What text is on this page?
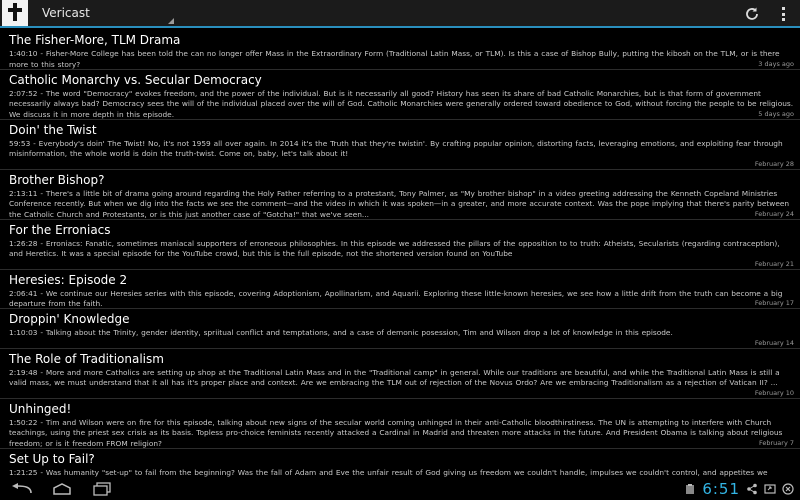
Vericast
The Fisher-More, TLM Drama
1:40:10 - Fisher-More College has been told the can no longer offer Mass in the Extraordinary Form (Traditional Latin Mass, or TLM). Is this a case of Bishop Bully, putting the kibosh on the TLM, or is there more to this story?	3 days ago
Catholic Monarchy vs. Secular Democracy
2:07:52 - The word "Democracy" evokes freedom, and the power of the individual. But is it necessarily all good? History has seen its share of bad Catholic Monarchies, but is that form of government necessarily always bad? Democracy sees the will of the individual placed over the will of God. Catholic Monarchies were generally ordered toward obedience to God, without forcing the people to be religious. We discuss it in more depth in this episode.	5 days ago
Doin' the Twist
59:53 - Everybody's doin' The Twist! No, it's not 1959 all over again. In 2014 it's the Truth that they're twistin'. By crafting popular opinion, distorting facts, leveraging emotions, and exploiting fear through misinformation, the whole world is doin the truth-twist. Come on, baby, let's talk about it!
February 28
Brother Bishop?
2:13:11 - There's a little bit of drama going around regarding the Holy Father referring to a protestant, Tony Palmer, as "My brother bishop" in a video greeting addressing the Kenneth Copeland Ministries Conference recently. But when we dig into the facts we see the comment—and the video in which it was spoken—in a greater, and more accurate context. Was the pope implying that there's parity between the Catholic Church and Protestants, or is this just another case of "Gotcha!" that we've seen...	February 24
For the Erroniacs
1:26:28 - Erroniacs: Fanatic, sometimes maniacal supporters of erroneous philosophies. In this episode we addressed the pillars of the opposition to to truth: Atheists, Secularists (regarding contraception), and Heretics. It was a special episode for the YouTube crowd, but this is the full episode, not the shortened version found on YouTube
February 21
Heresies: Episode 2
2:06:41 - We continue our Heresies series with this episode, covering Adoptionism, Apollinarism, and Aquarii. Exploring these little-known heresies, we see how a little drift from the truth can become a big departure from the faith.	February 17
Droppin' Knowledge
1:10:03 - Talking about the Trinity, gender identity, spriitual conflict and temptations, and a case of demonic posession, Tim and Wilson drop a lot of knowledge in this episode.
February 14
The Role of Traditionalism
2:19:48 - More and more Catholics are setting up shop at the Traditional Latin Mass and in the "Traditional camp" in general. While our traditions are beautiful, and while the Traditional Latin Mass is still a valid mass, we must understand that it all has it's proper place and context. Are we embracing the TLM out of rejection of the Novus Ordo? Are we embracing Traditionalism as a rejection of Vatican II? ...
February 10
Unhinged!
1:50:22 - Tim and Wilson were on fire for this episode, talking about new signs of the secular world coming unhinged in their anti-Catholic bloodthirstiness. The UN is attempting to interfere with Church teachings, using the priest sex crisis as its basis. Topless pro-choice feminists recently attacked a Cardinal in Madrid and threaten more attacks in the future. And President Obama is talking about religious freedom; or is it freedom FROM religion?	February 7
Set Up to Fail?
1:21:25 - Was humanity "set-up" to fail from the beginning? Was the fall of Adam and Eve the unfair result of God giving us freedom we couldn't handle, impulses we couldn't control, and appetites we
6:51
